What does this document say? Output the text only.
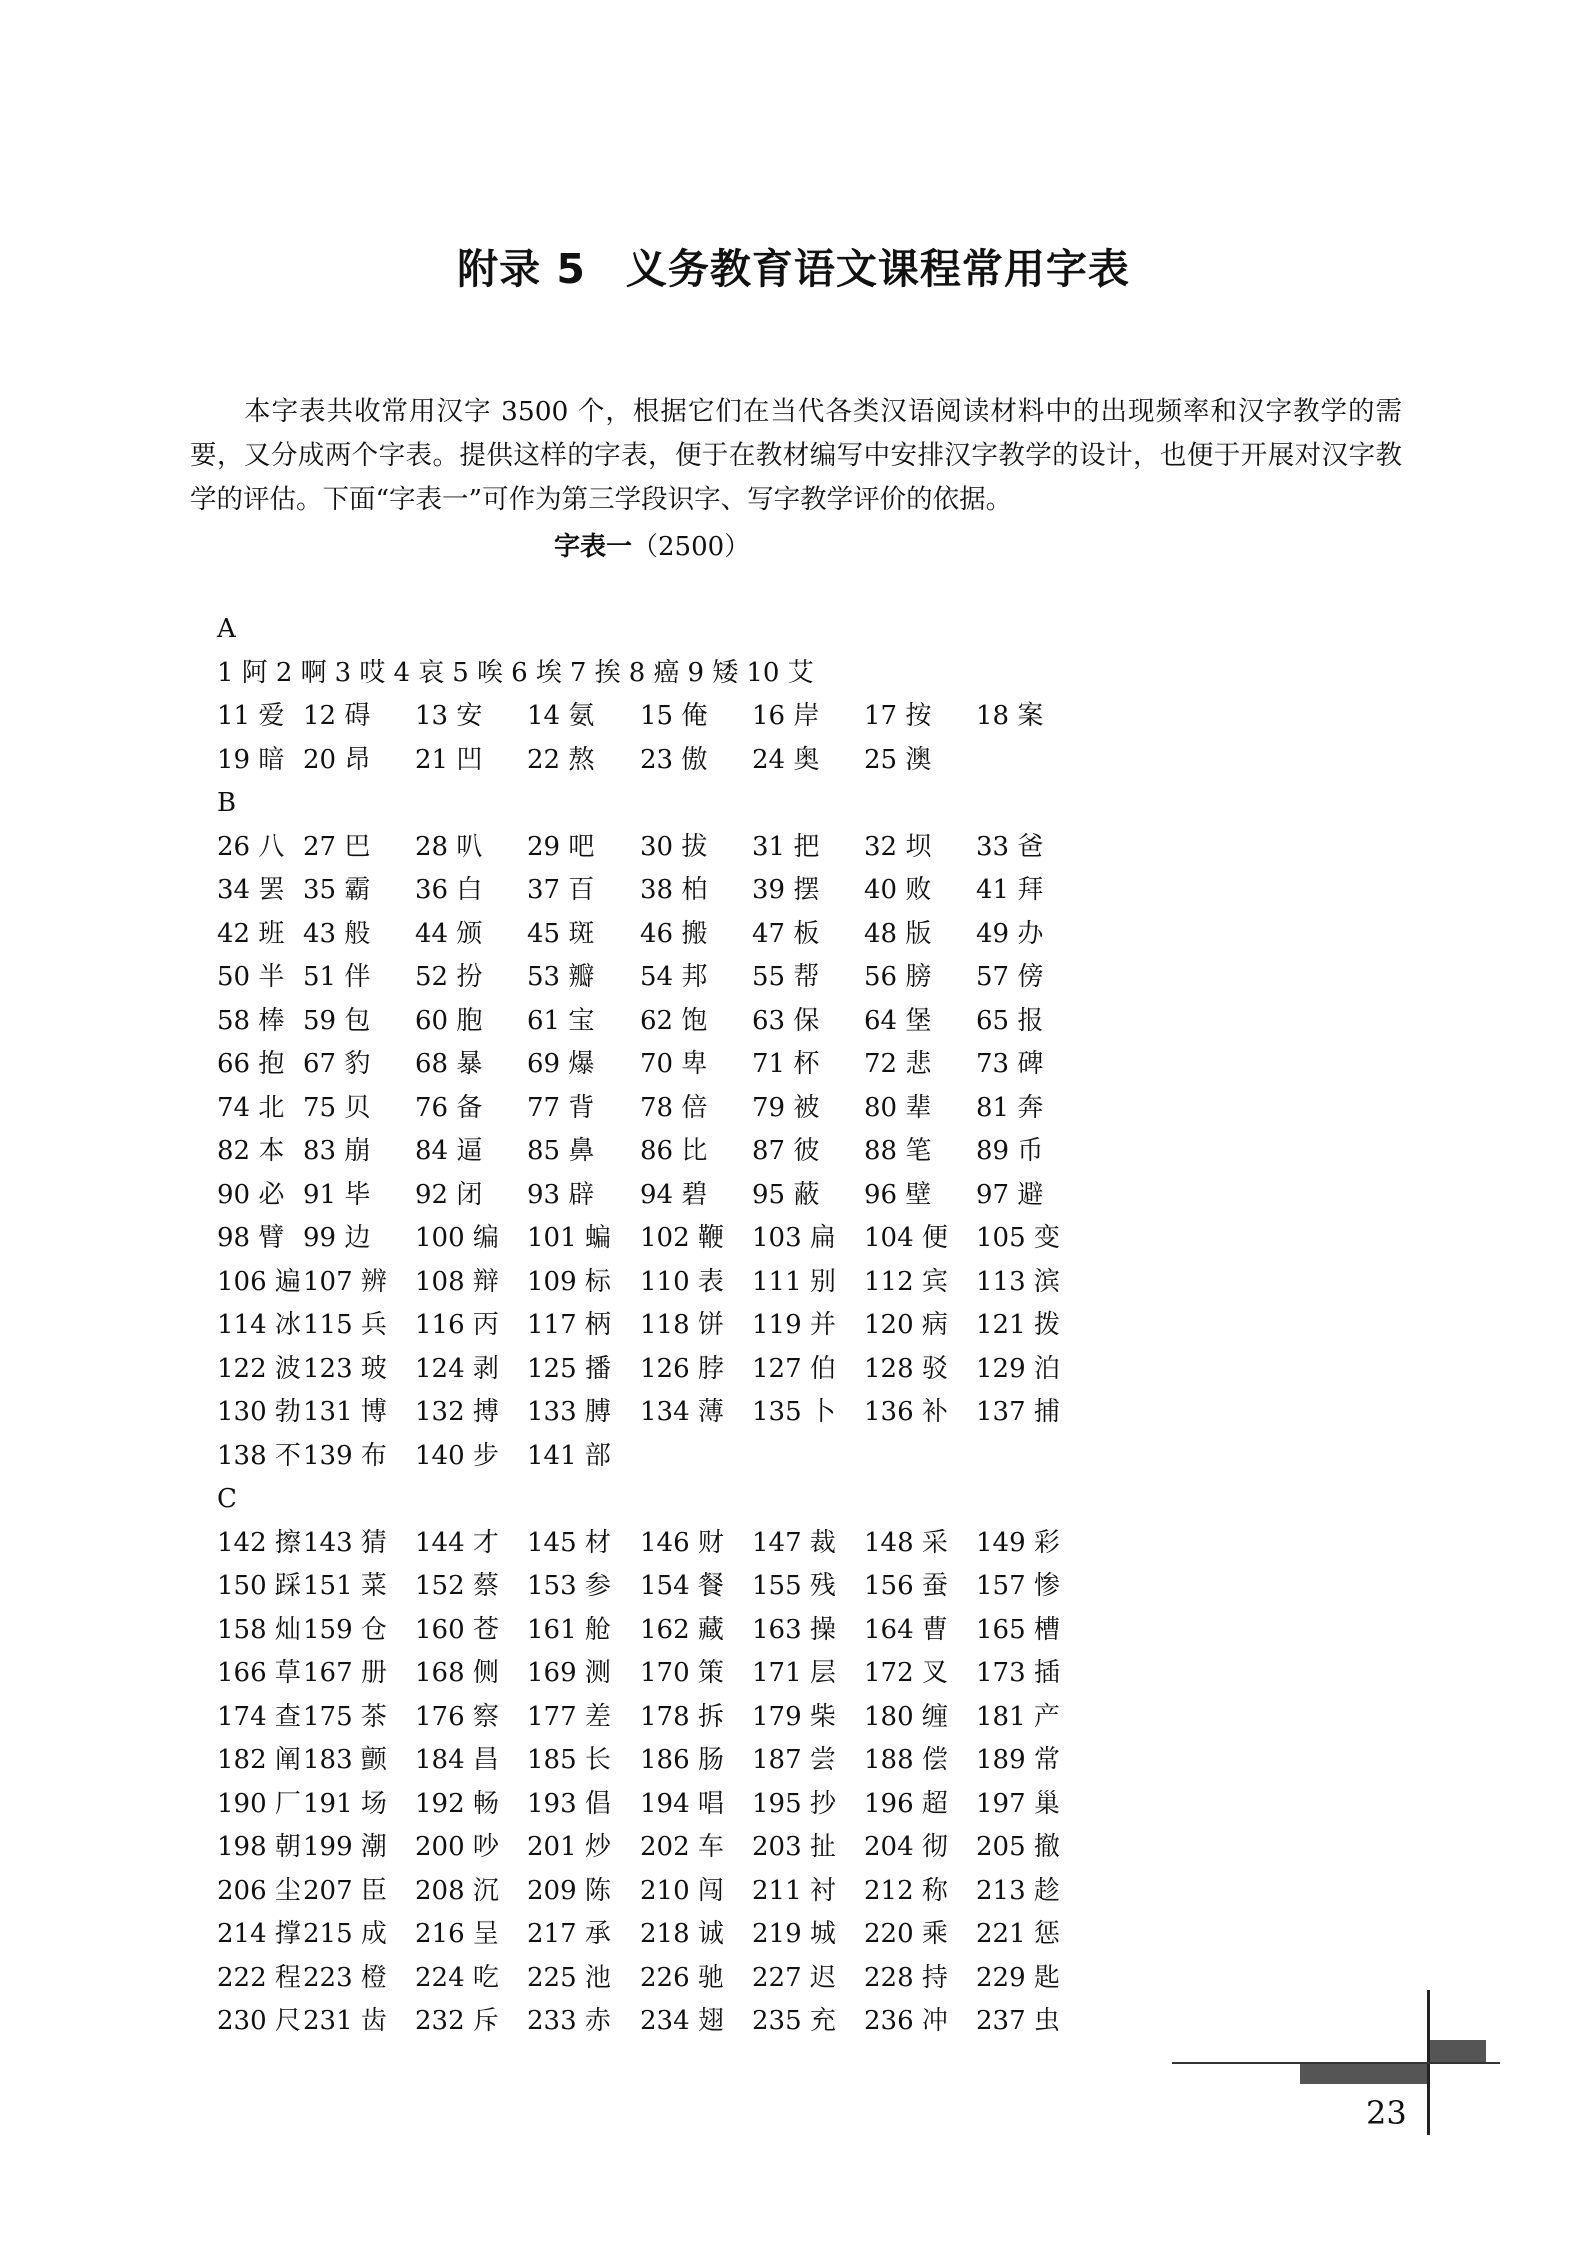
附录 5 义务教育语文课程常用字表

本字表共收常用汉字 3500 个，根据它们在当代各类汉语阅读材料中的出现频率和汉字教学的需要，又分成两个字表。提供这样的字表，便于在教材编写中安排汉字教学的设计，也便于开展对汉字教学的评估。下面“字表一”可作为第三学段识字、写字教学评价的依据。

字表一（2500）
A
1 阿 2 啊 3 哎 4 哀 5 唉 6 埃 7 挨 8 癌 9 矮 10 艾
11 爱 12 碍 13 安 14 氨 15 俺 16 岸 17 按 18 案
19 暗 20 昂 21 凹 22 熬 23 傲 24 奥 25 澳
B
26 八 27 巴 28 叭 29 吧 30 拔 31 把 32 坝 33 爸
34 罢 35 霸 36 白 37 百 38 柏 39 摆 40 败 41 拜
42 班 43 般 44 颁 45 斑 46 搬 47 板 48 版 49 办
50 半 51 伴 52 扮 53 瓣 54 邦 55 帮 56 膀 57 傍
58 棒 59 包 60 胞 61 宝 62 饱 63 保 64 堡 65 报
66 抱 67 豹 68 暴 69 爆 70 卑 71 杯 72 悲 73 碑
74 北 75 贝 76 备 77 背 78 倍 79 被 80 辈 81 奔
82 本 83 崩 84 逼 85 鼻 86 比 87 彼 88 笔 89 币
90 必 91 毕 92 闭 93 辟 94 碧 95 蔽 96 壁 97 避
98 臂 99 边 100 编 101 蝙 102 鞭 103 扁 104 便 105 变
106 遍 107 辨 108 辩 109 标 110 表 111 别 112 宾 113 滨
114 冰 115 兵 116 丙 117 柄 118 饼 119 并 120 病 121 拨
122 波 123 玻 124 剥 125 播 126 脖 127 伯 128 驳 129 泊
130 勃 131 博 132 搏 133 膊 134 薄 135 卜 136 补 137 捕
138 不 139 布 140 步 141 部
C
142 擦 143 猜 144 才 145 材 146 财 147 裁 148 采 149 彩
150 踩 151 菜 152 蔡 153 参 154 餐 155 残 156 蚕 157 惨
158 灿 159 仓 160 苍 161 舱 162 藏 163 操 164 曹 165 槽
166 草 167 册 168 侧 169 测 170 策 171 层 172 叉 173 插
174 查 175 茶 176 察 177 差 178 拆 179 柴 180 缠 181 产
182 阐 183 颤 184 昌 185 长 186 肠 187 尝 188 偿 189 常
190 厂 191 场 192 畅 193 倡 194 唱 195 抄 196 超 197 巢
198 朝 199 潮 200 吵 201 炒 202 车 203 扯 204 彻 205 撤
206 尘 207 臣 208 沉 209 陈 210 闯 211 衬 212 称 213 趁
214 撑 215 成 216 呈 217 承 218 诚 219 城 220 乘 221 惩
222 程 223 橙 224 吃 225 池 226 驰 227 迟 228 持 229 匙
230 尺 231 齿 232 斥 233 赤 234 翅 235 充 236 冲 237 虫
23
